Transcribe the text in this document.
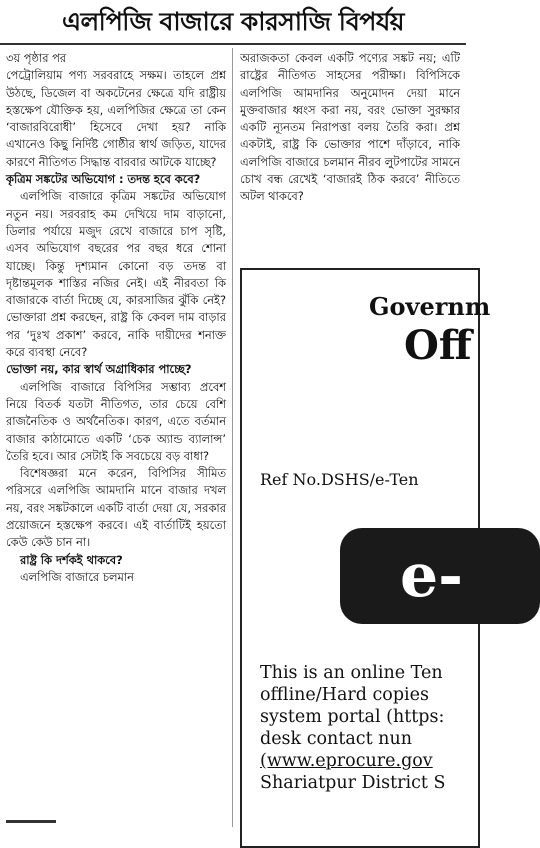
এলপিজি বাজারে কারসাজি বিপর্যয়

৩য় পৃষ্ঠার পর

পেট্রোলিয়াম পণ্য সরবরাহে সক্ষম। তাহলে প্রশ্ন উঠছে, ডিজেল বা অকটেনের ক্ষেত্রে যদি রাষ্ট্রীয় হস্তক্ষেপ যৌক্তিক হয়, এলপিজির ক্ষেত্রে তা কেন ‘বাজারবিরোধী’ হিসেবে দেখা হয়? নাকি এখানেও কিছু নির্দিষ্ট গোষ্ঠীর স্বার্থ জড়িত, যাদের কারণে নীতিগত সিদ্ধান্ত বারবার আটকে যাচ্ছে?

কৃত্রিম সঙ্কটের অভিযোগ : তদন্ত হবে কবে?

এলপিজি বাজারে কৃত্রিম সঙ্কটের অভিযোগ নতুন নয়। সরবরাহ কম দেখিয়ে দাম বাড়ানো, ডিলার পর্যায়ে মজুদ রেখে বাজারে চাপ সৃষ্টি, এসব অভিযোগ বছরের পর বছর ধরে শোনা যাচ্ছে। কিন্তু দৃশ্যমান কোনো বড় তদন্ত বা দৃষ্টান্তমূলক শাস্তির নজির নেই। এই নীরবতা কি বাজারকে বার্তা দিচ্ছে যে, কারসাজির ঝুঁকি নেই? ভোক্তারা প্রশ্ন করছেন, রাষ্ট্র কি কেবল দাম বাড়ার পর ‘দুঃখ প্রকাশ’ করবে, নাকি দায়ীদের শনাক্ত করে ব্যবস্থা নেবে?

ভোক্তা নয়, কার স্বার্থ অগ্রাধিকার পাচ্ছে?

এলপিজি বাজারে বিপিসির সম্ভাব্য প্রবেশ নিয়ে বিতর্ক যতটা নীতিগত, তার চেয়ে বেশি রাজনৈতিক ও অর্থনৈতিক। কারণ, এতে বর্তমান বাজার কাঠামোতে একটি ‘চেক অ্যান্ড ব্যালান্স’ তৈরি হবে। আর সেটাই কি সবচেয়ে বড় বাধা?

বিশেষজ্ঞরা মনে করেন, বিপিসির সীমিত পরিসরে এলপিজি আমদানি মানে বাজার দখল নয়, বরং সঙ্কটকালে একটি বার্তা দেয়া যে, সরকার প্রয়োজনে হস্তক্ষেপ করবে। এই বার্তাটিই হয়তো কেউ কেউ চান না।

রাষ্ট্র কি দর্শকই থাকবে?

এলপিজি বাজারে চলমান

অরাজকতা কেবল একটি পণ্যের সঙ্কট নয়; এটি রাষ্ট্রের নীতিগত সাহসের পরীক্ষা। বিপিসিকে এলপিজি আমদানির অনুমোদন দেয়া মানে মুক্তবাজার ধ্বংস করা নয়, বরং ভোক্তা সুরক্ষার একটি ন্যূনতম নিরাপত্তা বলয় তৈরি করা। প্রশ্ন একটাই, রাষ্ট্র কি ভোক্তার পাশে দাঁড়াবে, নাকি এলপিজি বাজারে চলমান নীরব লুটপাটের সামনে চোখ বন্ধ রেখেই ‘বাজারই ঠিক করবে’ নীতিতে অটল থাকবে?

Governm
Off
Ref No.DSHS/e-Ten
e-
This is an online Ten
offline/Hard copies
system portal (https:
desk contact nun
(www.eprocure.gov
Shariatpur District S
